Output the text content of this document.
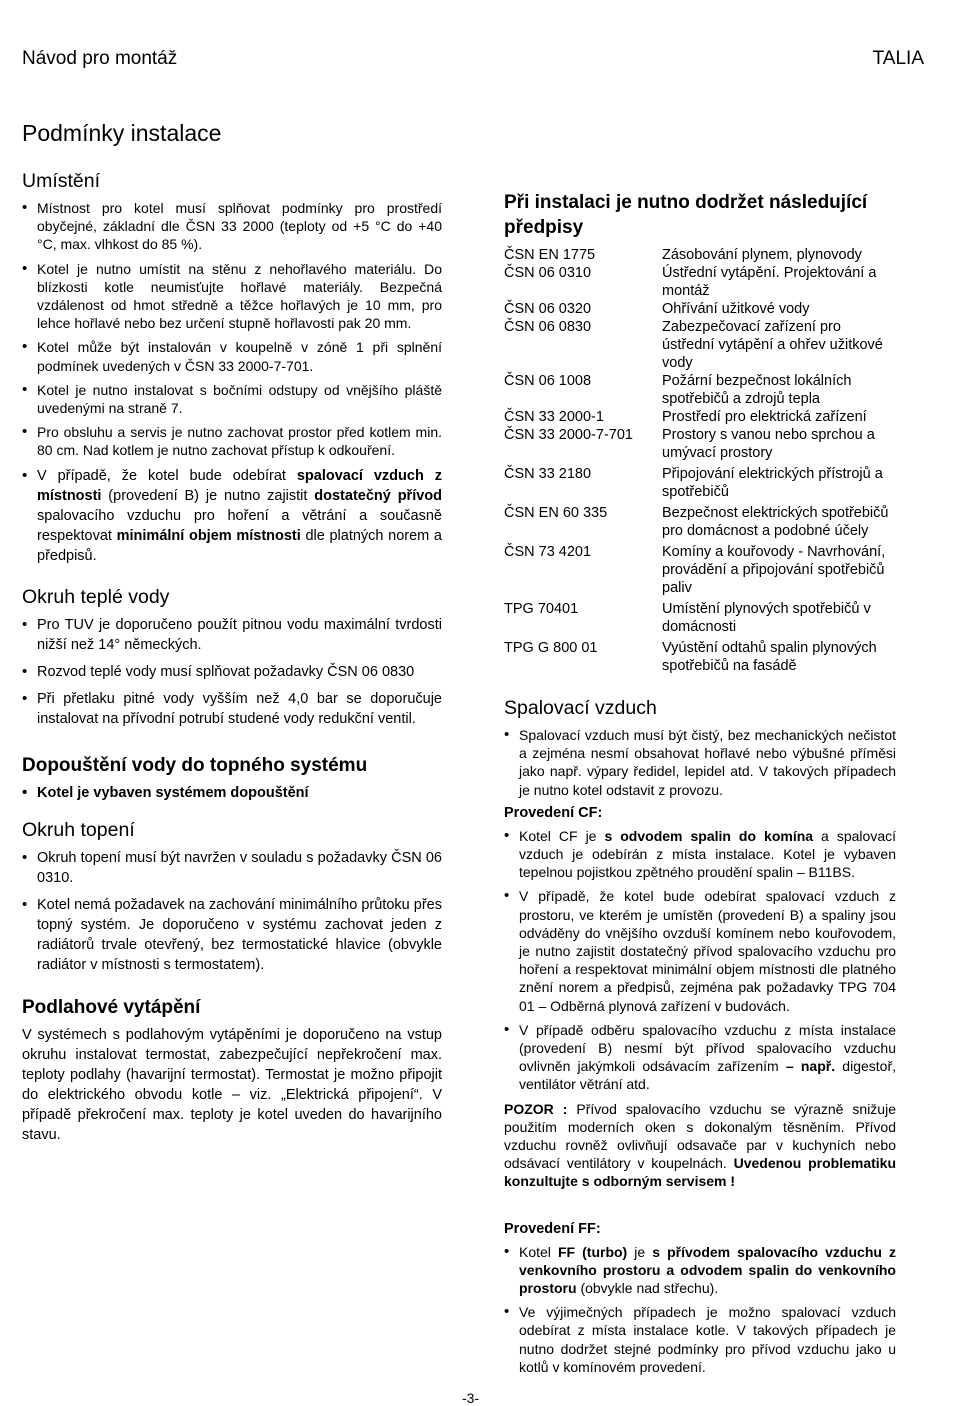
Návod pro montáž	TALIA
Podmínky instalace
Umístění
• Místnost pro kotel musí splňovat podmínky pro prostředí obyčejné, základní dle ČSN 33 2000 (teploty od +5 °C do +40 °C, max. vlhkost do 85 %).
• Kotel je nutno umístit na stěnu z nehořlavého materiálu. Do blízkosti kotle neumisťujte hořlavé materiály. Bezpečná vzdálenost od hmot středně a těžce hořlavých je 10 mm, pro lehce hořlavé nebo bez určení stupně hořlavosti pak 20 mm.
• Kotel může být instalován v koupelně v zóně 1 při splnění podmínek uvedených v ČSN 33 2000-7-701.
• Kotel je nutno instalovat s bočními odstupy od vnějšího pláště uvedenými na straně 7.
• Pro obsluhu a servis je nutno zachovat prostor před kotlem min. 80 cm. Nad kotlem je nutno zachovat přístup k odkouření.
• V případě, že kotel bude odebírat spalovací vzduch z místnosti (provedení B) je nutno zajistit dostatečný přívod spalovacího vzduchu pro hoření a větrání a současně respektovat minimální objem místnosti dle platných norem a předpisů.
Okruh teplé vody
• Pro TUV je doporučeno použít pitnou vodu maximální tvrdosti nižší než 14° německých.
• Rozvod teplé vody musí splňovat požadavky ČSN 06 0830
• Při přetlaku pitné vody vyšším než 4,0 bar se doporučuje instalovat na přívodní potrubí studené vody redukční ventil.
Dopouštění vody do topného systému
• Kotel je vybaven systémem dopouštění
Okruh topení
• Okruh topení musí být navržen v souladu s požadavky ČSN 06 0310.
• Kotel nemá požadavek na zachování minimálního průtoku přes topný systém. Je doporučeno v systému zachovat jeden z radiátorů trvale otevřený, bez termostatické hlavice (obvykle radiátor v místnosti s termostatem).
Podlahové vytápění

V systémech s podlahovým vytápěními je doporučeno na vstup okruhu instalovat termostat, zabezpečující nepřekročení max. teploty podlahy (havarijní termostat). Termostat je možno připojit do elektrického obvodu kotle – viz. „Elektrická připojení“. V případě překročení max. teploty je kotel uveden do havarijního stavu.

Při instalaci je nutno dodržet následující předpisy
ČSN EN 1775	Zásobování plynem, plynovody
ČSN 06 0310	Ústřední vytápění. Projektování a montáž
ČSN 06 0320	Ohřívání užitkové vody
ČSN 06 0830	Zabezpečovací zařízení pro ústřední vytápění a ohřev užitkové vody
ČSN 06 1008	Požární bezpečnost lokálních spotřebičů a zdrojů tepla
ČSN 33 2000-1	Prostředí pro elektrická zařízení
ČSN 33 2000-7-701	Prostory s vanou nebo sprchou a umývací prostory
ČSN 33 2180	Připojování elektrických přístrojů a spotřebičů
ČSN EN 60 335	Bezpečnost elektrických spotřebičů pro domácnost a podobné účely
ČSN 73 4201	Komíny a kouřovody - Navrhování, provádění a připojování spotřebičů paliv
TPG 70401	Umístění plynových spotřebičů v domácnosti
TPG G 800 01	Vyústění odtahů spalin plynových spotřebičů na fasádě
Spalovací vzduch
• Spalovací vzduch musí být čistý, bez mechanických nečistot a zejména nesmí obsahovat hořlavé nebo výbušné příměsi jako např. výpary ředidel, lepidel atd. V takových případech je nutno kotel odstavit z provozu.

Provedení CF:

• Kotel CF je s odvodem spalin do komína a spalovací vzduch je odebírán z místa instalace. Kotel je vybaven tepelnou pojistkou zpětného proudění spalin – B11BS.
• V případě, že kotel bude odebírat spalovací vzduch z prostoru, ve kterém je umístěn (provedení B) a spaliny jsou odváděny do vnějšího ovzduší komínem nebo kouřovodem, je nutno zajistit dostatečný přívod spalovacího vzduchu pro hoření a respektovat minimální objem místnosti dle platného znění norem a předpisů, zejména pak požadavky TPG 704 01 – Odběrná plynová zařízení v budovách.
• V případě odběru spalovacího vzduchu z místa instalace (provedení B) nesmí být přívod spalovacího vzduchu ovlivněn jakýmkoli odsávacím zařízením – např. digestoř, ventilátor větrání atd.

POZOR : Přívod spalovacího vzduchu se výrazně snižuje použitím moderních oken s dokonalým těsněním. Přívod vzduchu rovněž ovlivňují odsavače par v kuchyních nebo odsávací ventilátory v koupelnách. Uvedenou problematiku konzultujte s odborným servisem !

Provedení FF:

• Kotel FF (turbo) je s přívodem spalovacího vzduchu z venkovního prostoru a odvodem spalin do venkovního prostoru (obvykle nad střechu).
• Ve výjimečných případech je možno spalovací vzduch odebírat z místa instalace kotle. V takových případech je nutno dodržet stejné podmínky pro přívod vzduchu jako u kotlů v komínovém provedení.
-3-
